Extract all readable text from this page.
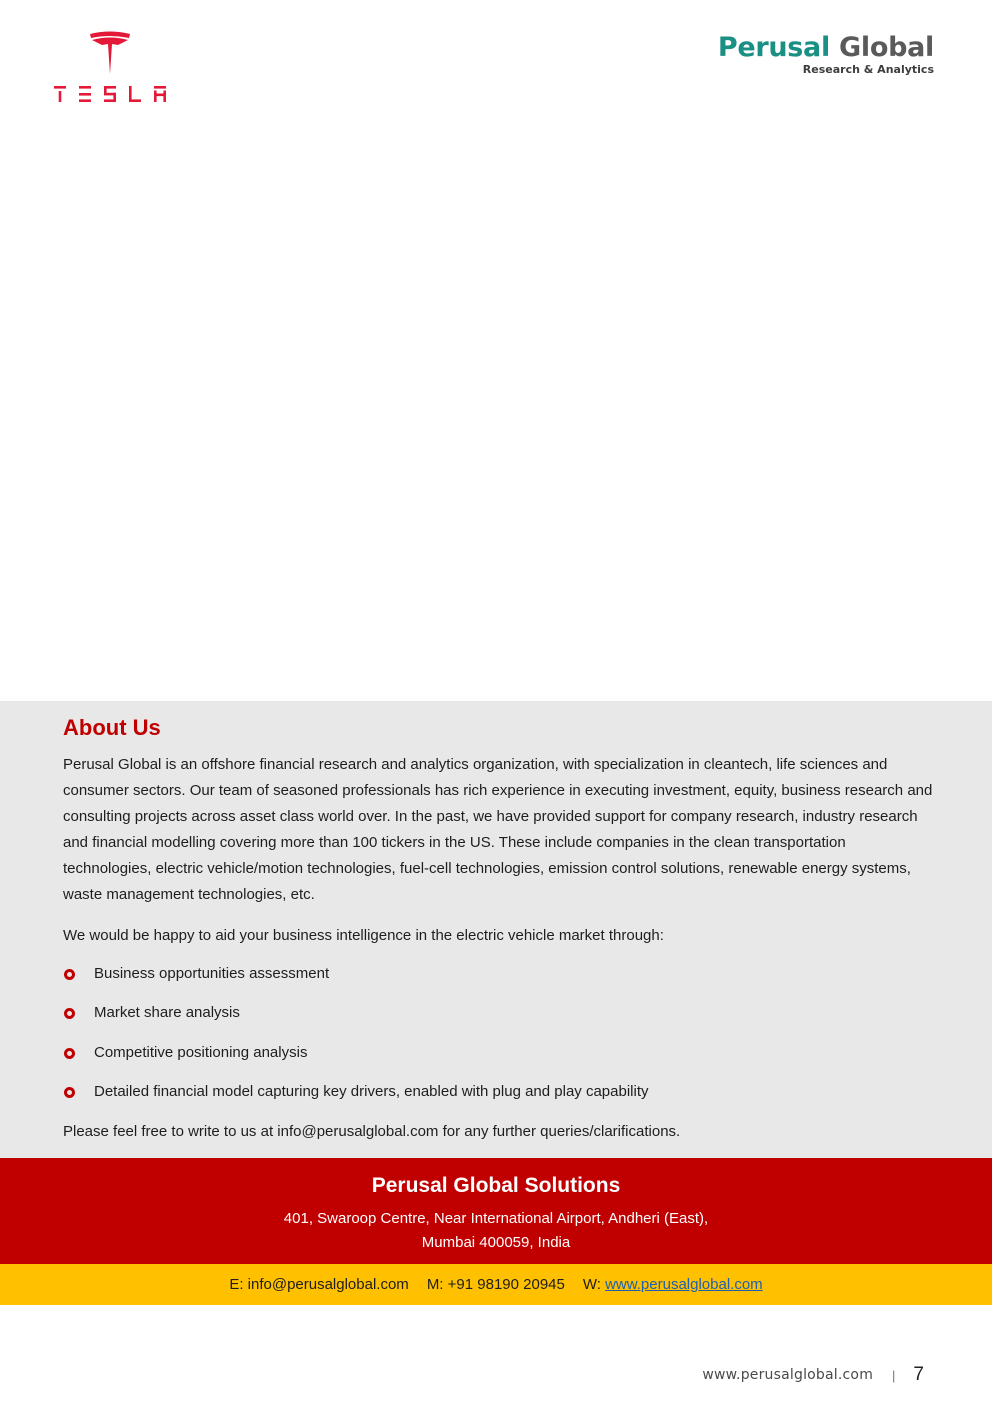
Perusal Global
Research & Analytics
About Us

Perusal Global is an offshore financial research and analytics organization, with specialization in cleantech, life sciences and consumer sectors. Our team of seasoned professionals has rich experience in executing investment, equity, business research and consulting projects across asset class world over. In the past, we have provided support for company research, industry research and financial modelling covering more than 100 tickers in the US. These include companies in the clean transportation technologies, electric vehicle/motion technologies, fuel-cell technologies, emission control solutions, renewable energy systems, waste management technologies, etc.

We would be happy to aid your business intelligence in the electric vehicle market through:
Business opportunities assessment
Market share analysis
Competitive positioning analysis
Detailed financial model capturing key drivers, enabled with plug and play capability
Please feel free to write to us at info@perusalglobal.com for any further queries/clarifications.
Perusal Global Solutions
401, Swaroop Centre, Near International Airport, Andheri (East),
Mumbai 400059, India
E: info@perusalglobal.com M: +91 98190 20945 W: www.perusalglobal.com
www.perusalglobal.com | 7
